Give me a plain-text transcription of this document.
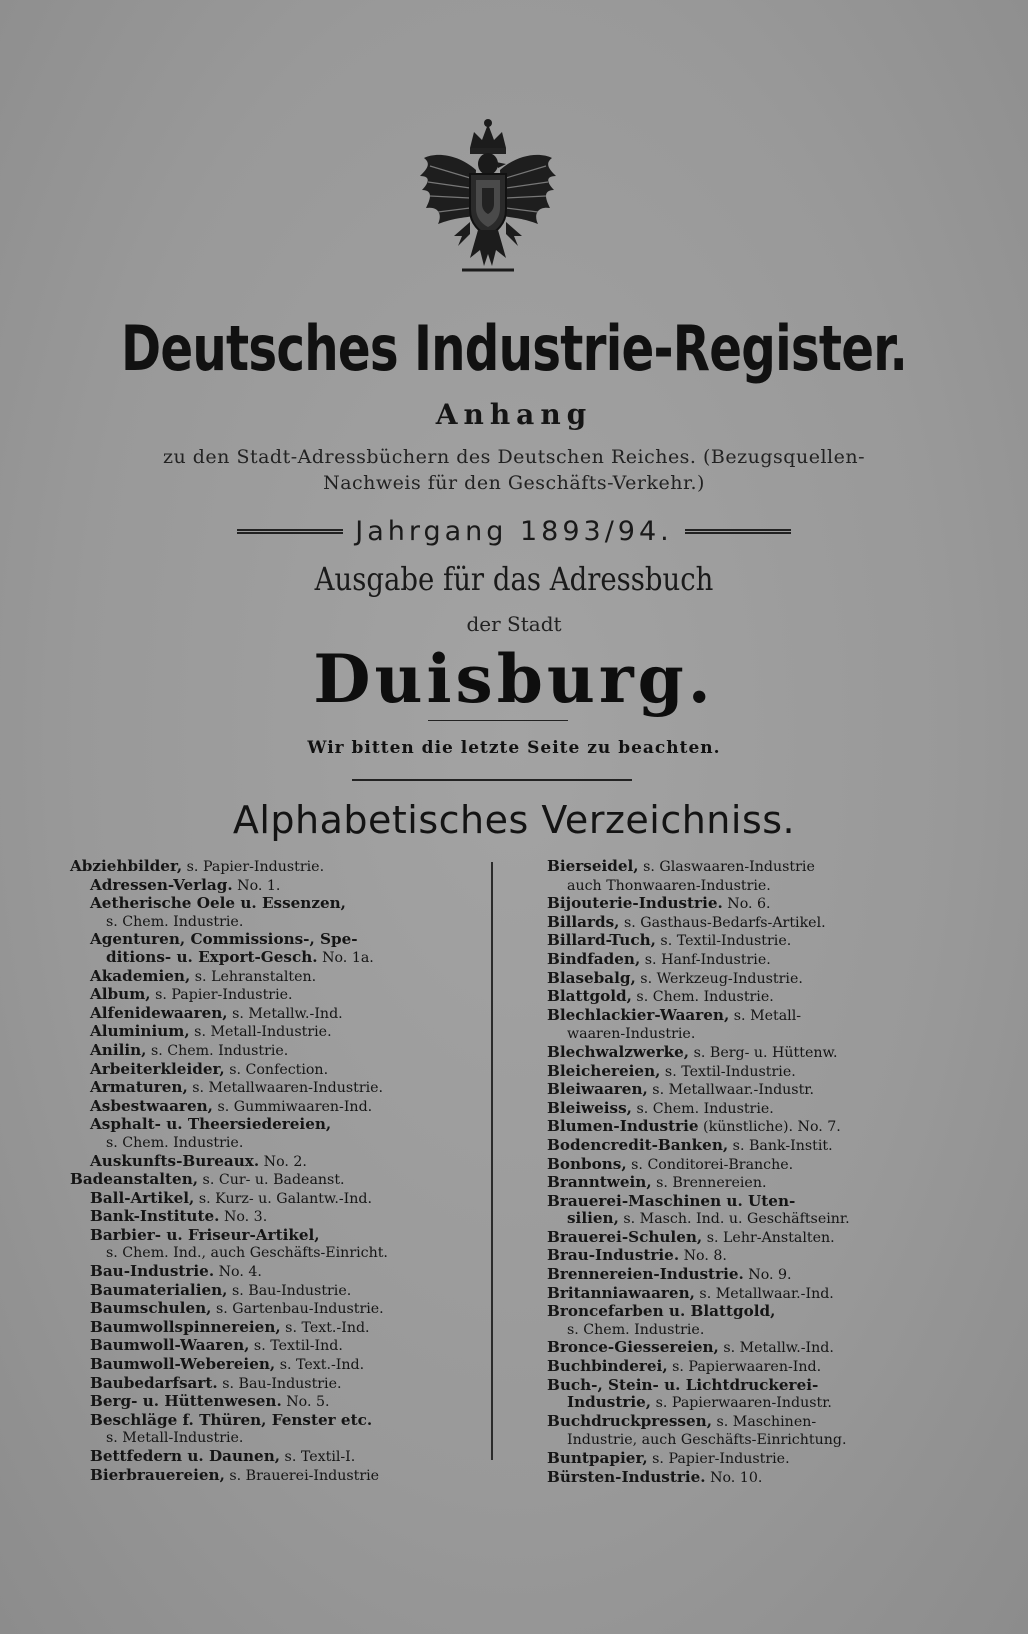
Deutsches Industrie-Register.
Anhang
zu den Stadt-Adressbüchern des Deutschen Reiches. (Bezugsquellen-
Nachweis für den Geschäfts-Verkehr.)
Jahrgang 1893/94.
Ausgabe für das Adressbuch
der Stadt
Duisburg.
Wir bitten die letzte Seite zu beachten.
Alphabetisches Verzeichniss.
Abziehbilder, s. Papier-Industrie.
Adressen-Verlag. No. 1.
Aetherische Oele u. Essenzen,
s. Chem. Industrie.
Agenturen, Commissions-, Spe-
ditions- u. Export-Gesch. No. 1a.
Akademien, s. Lehranstalten.
Album, s. Papier-Industrie.
Alfenidewaaren, s. Metallw.-Ind.
Aluminium, s. Metall-Industrie.
Anilin, s. Chem. Industrie.
Arbeiterkleider, s. Confection.
Armaturen, s. Metallwaaren-Industrie.
Asbestwaaren, s. Gummiwaaren-Ind.
Asphalt- u. Theersiedereien,
s. Chem. Industrie.
Auskunfts-Bureaux. No. 2.
Badeanstalten, s. Cur- u. Badeanst.
Ball-Artikel, s. Kurz- u. Galantw.-Ind.
Bank-Institute. No. 3.
Barbier- u. Friseur-Artikel,
s. Chem. Ind., auch Geschäfts-Einricht.
Bau-Industrie. No. 4.
Baumaterialien, s. Bau-Industrie.
Baumschulen, s. Gartenbau-Industrie.
Baumwollspinnereien, s. Text.-Ind.
Baumwoll-Waaren, s. Textil-Ind.
Baumwoll-Webereien, s. Text.-Ind.
Baubedarfsart. s. Bau-Industrie.
Berg- u. Hüttenwesen. No. 5.
Beschläge f. Thüren, Fenster etc.
s. Metall-Industrie.
Bettfedern u. Daunen, s. Textil-I.
Bierbrauereien, s. Brauerei-Industrie
Bierseidel, s. Glaswaaren-Industrie
auch Thonwaaren-Industrie.
Bijouterie-Industrie. No. 6.
Billards, s. Gasthaus-Bedarfs-Artikel.
Billard-Tuch, s. Textil-Industrie.
Bindfaden, s. Hanf-Industrie.
Blasebalg, s. Werkzeug-Industrie.
Blattgold, s. Chem. Industrie.
Blechlackier-Waaren, s. Metall-
waaren-Industrie.
Blechwalzwerke, s. Berg- u. Hüttenw.
Bleichereien, s. Textil-Industrie.
Bleiwaaren, s. Metallwaar.-Industr.
Bleiweiss, s. Chem. Industrie.
Blumen-Industrie (künstliche). No. 7.
Bodencredit-Banken, s. Bank-Instit.
Bonbons, s. Conditorei-Branche.
Branntwein, s. Brennereien.
Brauerei-Maschinen u. Uten-
silien, s. Masch. Ind. u. Geschäftseinr.
Brauerei-Schulen, s. Lehr-Anstalten.
Brau-Industrie. No. 8.
Brennereien-Industrie. No. 9.
Britanniawaaren, s. Metallwaar.-Ind.
Broncefarben u. Blattgold,
s. Chem. Industrie.
Bronce-Giessereien, s. Metallw.-Ind.
Buchbinderei, s. Papierwaaren-Ind.
Buch-, Stein- u. Lichtdruckerei-
Industrie, s. Papierwaaren-Industr.
Buchdruckpressen, s. Maschinen-
Industrie, auch Geschäfts-Einrichtung.
Buntpapier, s. Papier-Industrie.
Bürsten-Industrie. No. 10.
